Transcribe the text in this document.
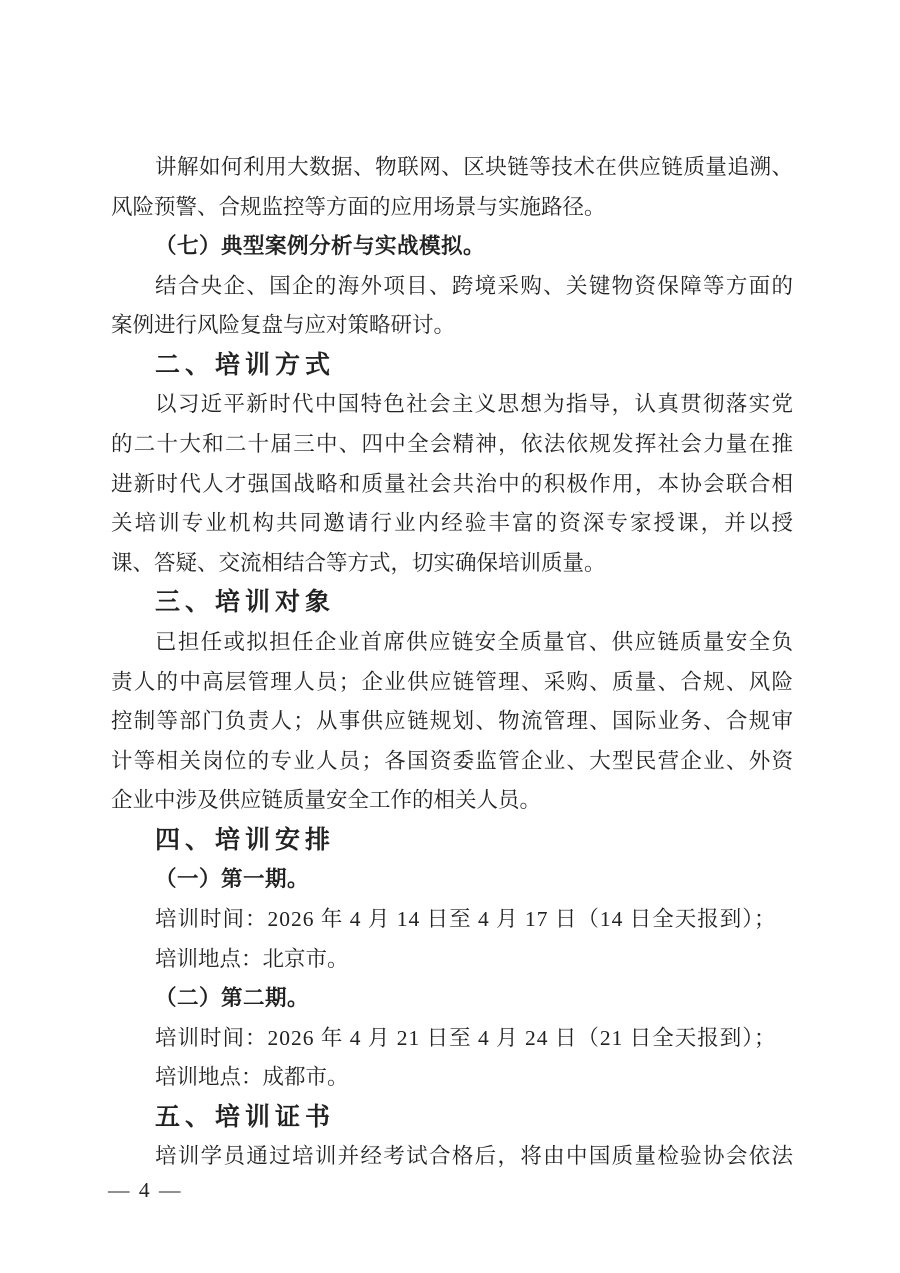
讲解如何利用大数据、物联网、区块链等技术在供应链质量追溯、
风险预警、合规监控等方面的应用场景与实施路径。
（七）典型案例分析与实战模拟。
结合央企、国企的海外项目、跨境采购、关键物资保障等方面的
案例进行风险复盘与应对策略研讨。
二、培训方式
以习近平新时代中国特色社会主义思想为指导，认真贯彻落实党
的二十大和二十届三中、四中全会精神，依法依规发挥社会力量在推
进新时代人才强国战略和质量社会共治中的积极作用，本协会联合相
关培训专业机构共同邀请行业内经验丰富的资深专家授课，并以授
课、答疑、交流相结合等方式，切实确保培训质量。
三、培训对象
已担任或拟担任企业首席供应链安全质量官、供应链质量安全负
责人的中高层管理人员；企业供应链管理、采购、质量、合规、风险
控制等部门负责人；从事供应链规划、物流管理、国际业务、合规审
计等相关岗位的专业人员；各国资委监管企业、大型民营企业、外资
企业中涉及供应链质量安全工作的相关人员。
四、培训安排
（一）第一期。
培训时间：2026 年 4 月 14 日至 4 月 17 日（14 日全天报到）；
培训地点：北京市。
（二）第二期。
培训时间：2026 年 4 月 21 日至 4 月 24 日（21 日全天报到）；
培训地点：成都市。
五、培训证书
培训学员通过培训并经考试合格后，将由中国质量检验协会依法
— 4 —
